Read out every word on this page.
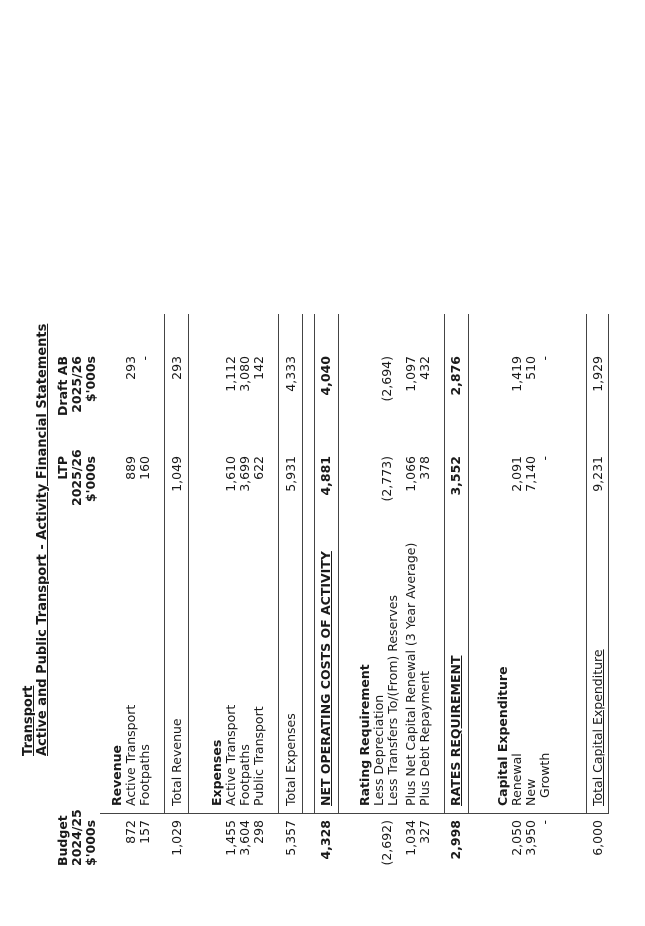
Transport Active and Public Transport - Activity Financial Statements
Budget 2024/25 $'000s
LTP 2025/26 $'000s
Draft AB 2025/26 $'000s
Revenue Active Transport
872
889
293
Footpaths
157
160
-
Total Revenue
1,029
1,049
293
Expenses Active Transport
1,455
1,610
1,112
Footpaths
3,604
3,699
3,080
Public Transport
298
622
142
Total Expenses
5,357
5,931
4,333
NET OPERATING COSTS OF ACTIVITY
4,328
4,881
4,040
Rating Requirement Less Depreciation
(2,692)
(2,773)
(2,694)
Less Transfers To/(From) Reserves Plus Net Capital Renewal (3 Year Average)
1,034
1,066
1,097
Plus Debt Repayment
327
378
432
RATES REQUIREMENT
2,998
3,552
2,876
Capital Expenditure Renewal
2,050
2,091
1,419
New
3,950
7,140
510
Growth
-
-
-
Total Capital Expenditure
6,000
9,231
1,929
